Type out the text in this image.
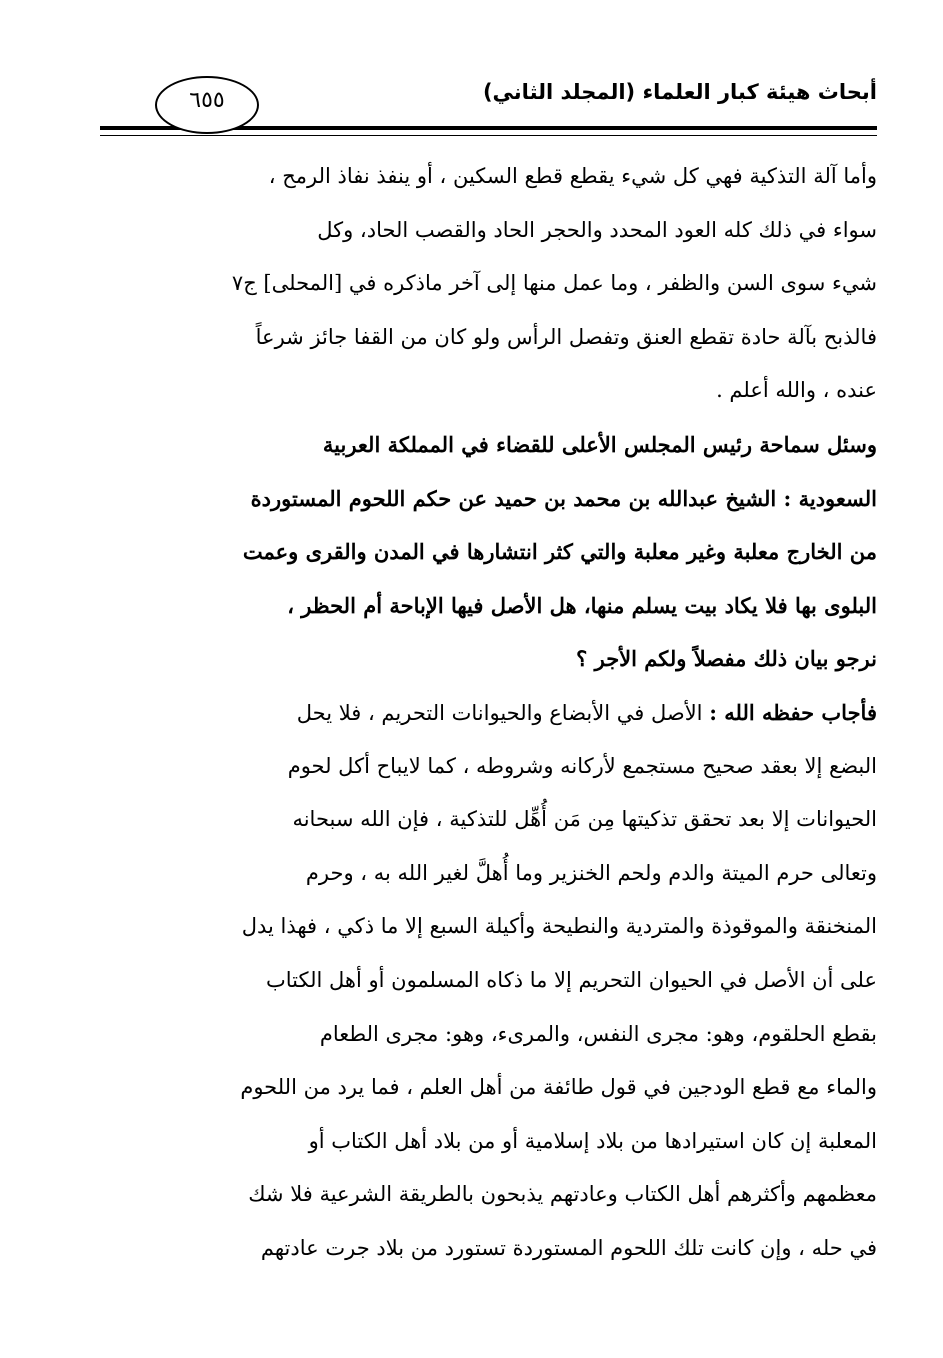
أبحاث هيئة كبار العلماء (المجلد الثاني)
٦٥٥
وأما آلة التذكية فهي كل شيء يقطع قطع السكين ، أو ينفذ نفاذ الرمح ،
سواء في ذلك كله العود المحدد والحجر الحاد والقصب الحاد، وكل
شيء سوى السن والظفر ، وما عمل منها إلى آخر ماذكره في [المحلى] ج٧
فالذبح بآلة حادة تقطع العنق وتفصل الرأس ولو كان من القفا جائز شرعاً
عنده ، والله أعلم .
وسئل سماحة رئيس المجلس الأعلى للقضاء في المملكة العربية
السعودية : الشيخ عبدالله بن محمد بن حميد عن حكم اللحوم المستوردة
من الخارج معلبة وغير معلبة والتي كثر انتشارها في المدن والقرى وعمت
البلوى بها فلا يكاد بيت يسلم منها، هل الأصل فيها الإباحة أم الحظر ،
نرجو بيان ذلك مفصلاً ولكم الأجر ؟
فأجاب حفظه الله : الأصل في الأبضاع والحيوانات التحريم ، فلا يحل
البضع إلا بعقد صحيح مستجمع لأركانه وشروطه ، كما لايباح أكل لحوم
الحيوانات إلا بعد تحقق تذكيتها مِن مَن أُهِّل للتذكية ، فإن الله سبحانه
وتعالى حرم الميتة والدم ولحم الخنزير وما أُهلَّ لغير الله به ، وحرم
المنخنقة والموقوذة والمتردية والنطيحة وأكيلة السبع إلا ما ذكي ، فهذا يدل
على أن الأصل في الحيوان التحريم إلا ما ذكاه المسلمون أو أهل الكتاب
بقطع الحلقوم، وهو: مجرى النفس، والمرىء، وهو: مجرى الطعام
والماء مع قطع الودجين في قول طائفة من أهل العلم ، فما يرد من اللحوم
المعلبة إن كان استيرادها من بلاد إسلامية أو من بلاد أهل الكتاب أو
معظمهم وأكثرهم أهل الكتاب وعادتهم يذبحون بالطريقة الشرعية فلا شك
في حله ، وإن كانت تلك اللحوم المستوردة تستورد من بلاد جرت عادتهم
